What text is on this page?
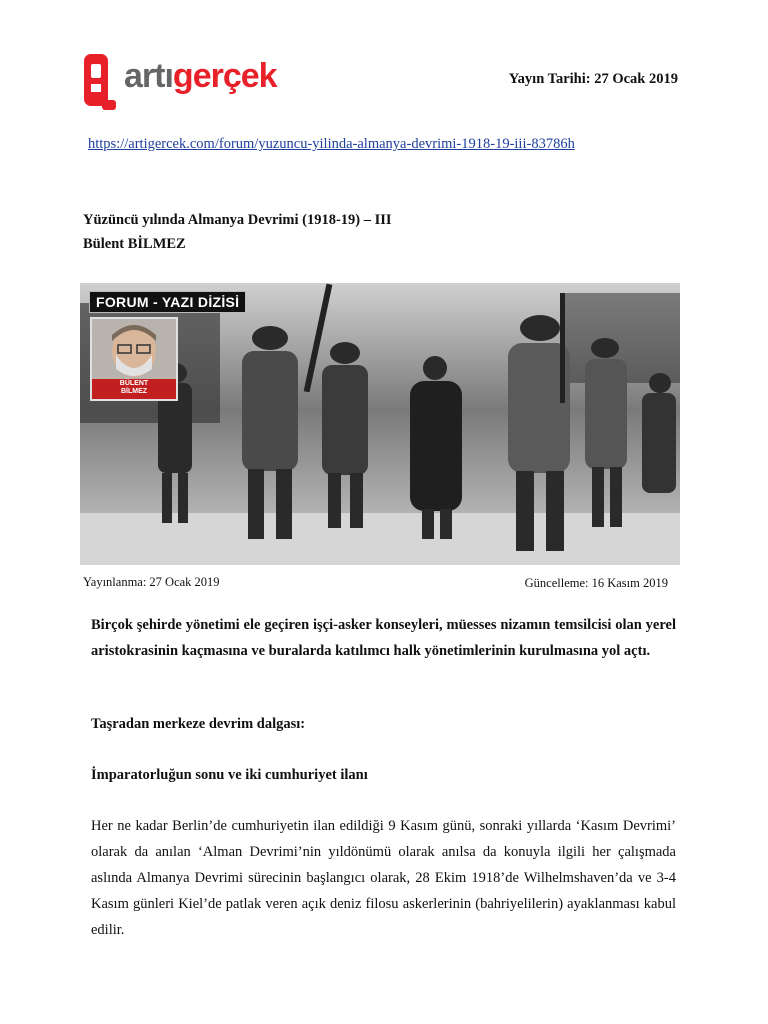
artıgerçek	Yayın Tarihi: 27 Ocak 2019
https://artigercek.com/forum/yuzuncu-yilinda-almanya-devrimi-1918-19-iii-83786h
Yüzüncü yılında Almanya Devrimi (1918-19) – III
Bülent BİLMEZ
FORUM - YAZI DİZİSİ
BÜLENT
BİLMEZ
Yayınlanma: 27 Ocak 2019	Güncelleme: 16 Kasım 2019

Birçok şehirde yönetimi ele geçiren işçi-asker konseyleri, müesses nizamın temsilcisi olan yerel aristokrasinin kaçmasına ve buralarda katılımcı halk yönetimlerinin kurulmasına yol açtı.

Taşradan merkeze devrim dalgası:
İmparatorluğun sonu ve iki cumhuriyet ilanı

Her ne kadar Berlin’de cumhuriyetin ilan edildiği 9 Kasım günü, sonraki yıllarda ‘Kasım Devrimi’ olarak da anılan ‘Alman Devrimi’nin yıldönümü olarak anılsa da konuyla ilgili her çalışmada aslında Almanya Devrimi sürecinin başlangıcı olarak, 28 Ekim 1918’de Wilhelmshaven’da ve 3-4 Kasım günleri Kiel’de patlak veren açık deniz filosu askerlerinin (bahriyelilerin) ayaklanması kabul edilir.
